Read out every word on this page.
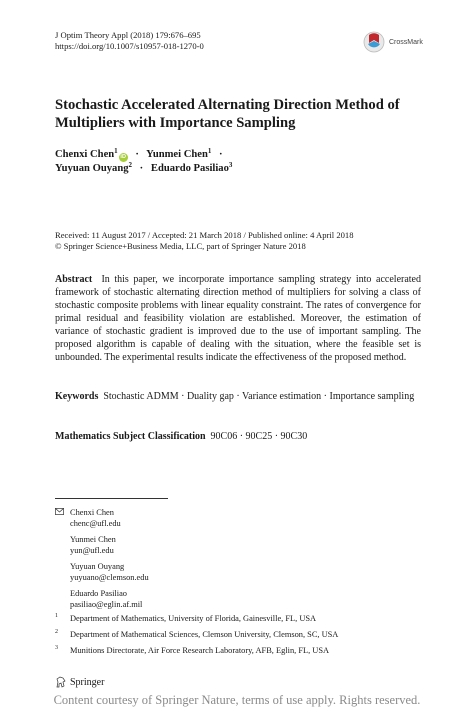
J Optim Theory Appl (2018) 179:676–695
https://doi.org/10.1007/s10957-018-1270-0	CrossMark
Stochastic Accelerated Alternating Direction Method of
Multipliers with Importance Sampling
Chenxi Chen$^1$iD · Yunmei Chen$^1$ ·
Yuyuan Ouyang$^2$ · Eduardo Pasiliao$^3$
Received: 11 August 2017 / Accepted: 21 March 2018 / Published online: 4 April 2018
© Springer Science+Business Media, LLC, part of Springer Nature 2018
Abstract In this paper, we incorporate importance sampling strategy into accelerated framework of stochastic alternating direction method of multipliers for solving a class of stochastic composite problems with linear equality constraint. The rates of convergence for primal residual and feasibility violation are established. Moreover, the estimation of variance of stochastic gradient is improved due to the use of important sampling. The proposed algorithm is capable of dealing with the situation, where the feasible set is unbounded. The experimental results indicate the effectiveness of the proposed method.
Keywords Stochastic ADMM · Duality gap · Variance estimation · Importance sampling
Mathematics Subject Classification 90C06 · 90C25 · 90C30
Chenxi Chen
chenc@ufl.edu
Yunmei Chen
yun@ufl.edu
Yuyuan Ouyang
yuyuano@clemson.edu
Eduardo Pasiliao
pasiliao@eglin.af.mil
1 Department of Mathematics, University of Florida, Gainesville, FL, USA
2 Department of Mathematical Sciences, Clemson University, Clemson, SC, USA
3 Munitions Directorate, Air Force Research Laboratory, AFB, Eglin, FL, USA
Springer
Content courtesy of Springer Nature, terms of use apply. Rights reserved.
